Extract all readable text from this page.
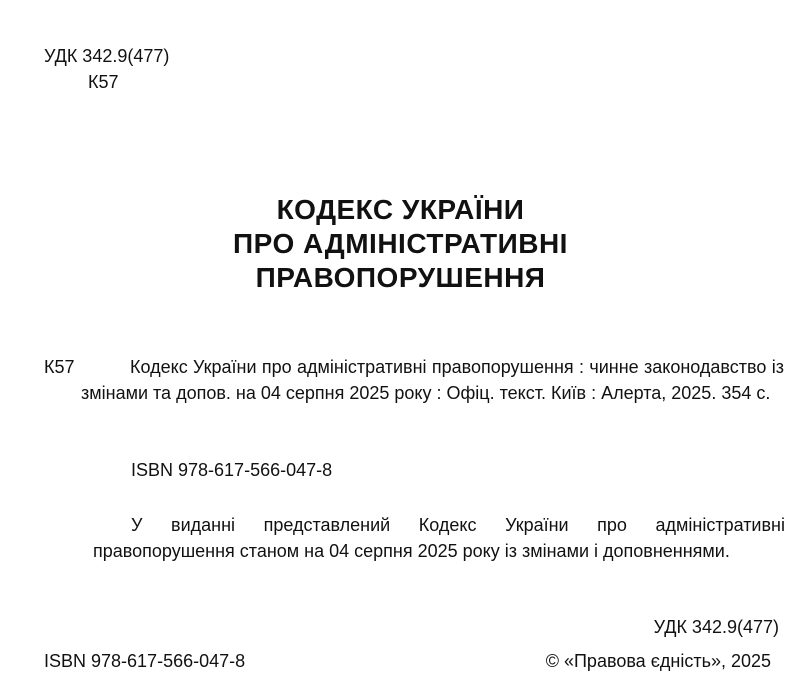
УДК 342.9(477)
К57
КОДЕКС УКРАЇНИ
ПРО АДМІНІСТРАТИВНІ
ПРАВОПОРУШЕННЯ
К57	Кодекс України про адміністративні правопорушення : чинне законодавство із змінами та допов. на 04 серпня 2025 року : Офіц. текст. Київ : Алерта, 2025. 354 с.
ISBN 978-617-566-047-8
У виданні представлений Кодекс України про адміністративні правопорушення станом на 04 серпня 2025 року із змінами і доповненнями.
УДК 342.9(477)
ISBN 978-617-566-047-8	© «Правова єдність», 2025
